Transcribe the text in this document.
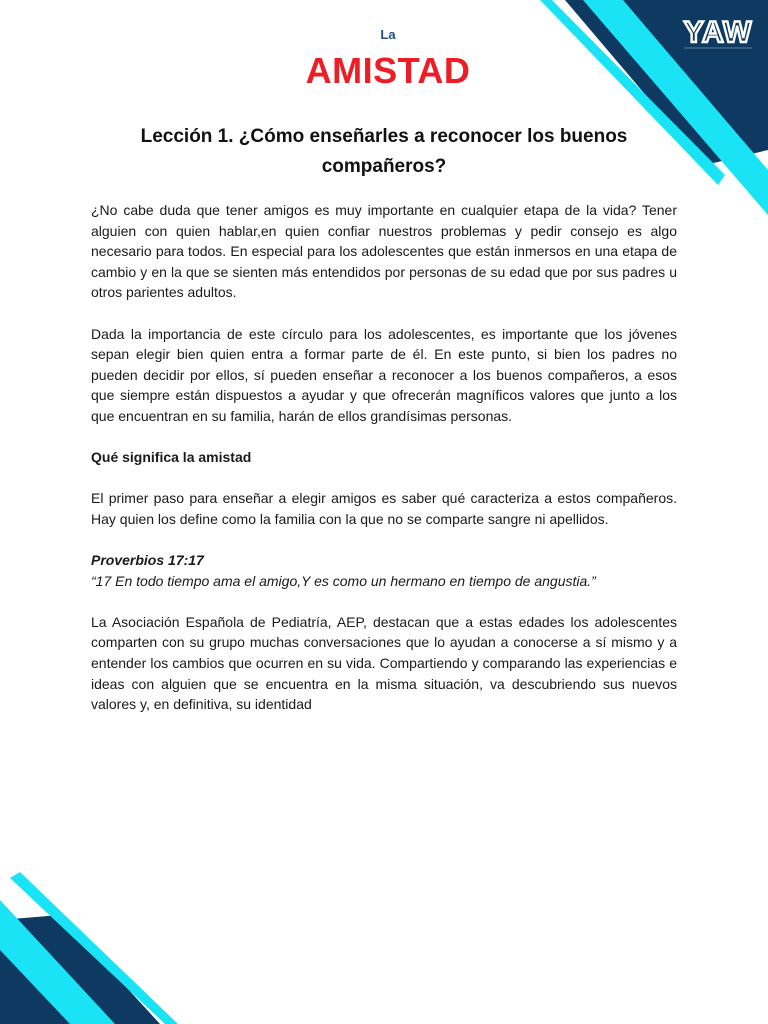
YAW
La
AMISTAD
Lección 1. ¿Cómo enseñarles a reconocer los buenos compañeros?

¿No cabe duda que tener amigos es muy importante en cualquier etapa de la vida? Tener alguien con quien hablar,en quien confiar nuestros problemas y pedir consejo es algo necesario para todos. En especial para los adolescentes que están inmersos en una etapa de cambio y en la que se sienten más entendidos por personas de su edad que por sus padres u otros parientes adultos.

Dada la importancia de este círculo para los adolescentes, es importante que los jóvenes sepan elegir bien quien entra a formar parte de él. En este punto, si bien los padres no pueden decidir por ellos, sí pueden enseñar a reconocer a los buenos compañeros, a esos que siempre están dispuestos a ayudar y que ofrecerán magníficos valores que junto a los que encuentran en su familia, harán de ellos grandísimas personas.

Qué significa la amistad

El primer paso para enseñar a elegir amigos es saber qué caracteriza a estos compañeros. Hay quien los define como la familia con la que no se comparte sangre ni apellidos.

Proverbios 17:17

“17 En todo tiempo ama el amigo,Y es como un hermano en tiempo de angustia.”

La Asociación Española de Pediatría, AEP, destacan que a estas edades los adolescentes comparten con su grupo muchas conversaciones que lo ayudan a conocerse a sí mismo y a entender los cambios que ocurren en su vida. Compartiendo y comparando las experiencias e ideas con alguien que se encuentra en la misma situación, va descubriendo sus nuevos valores y, en definitiva, su identidad
